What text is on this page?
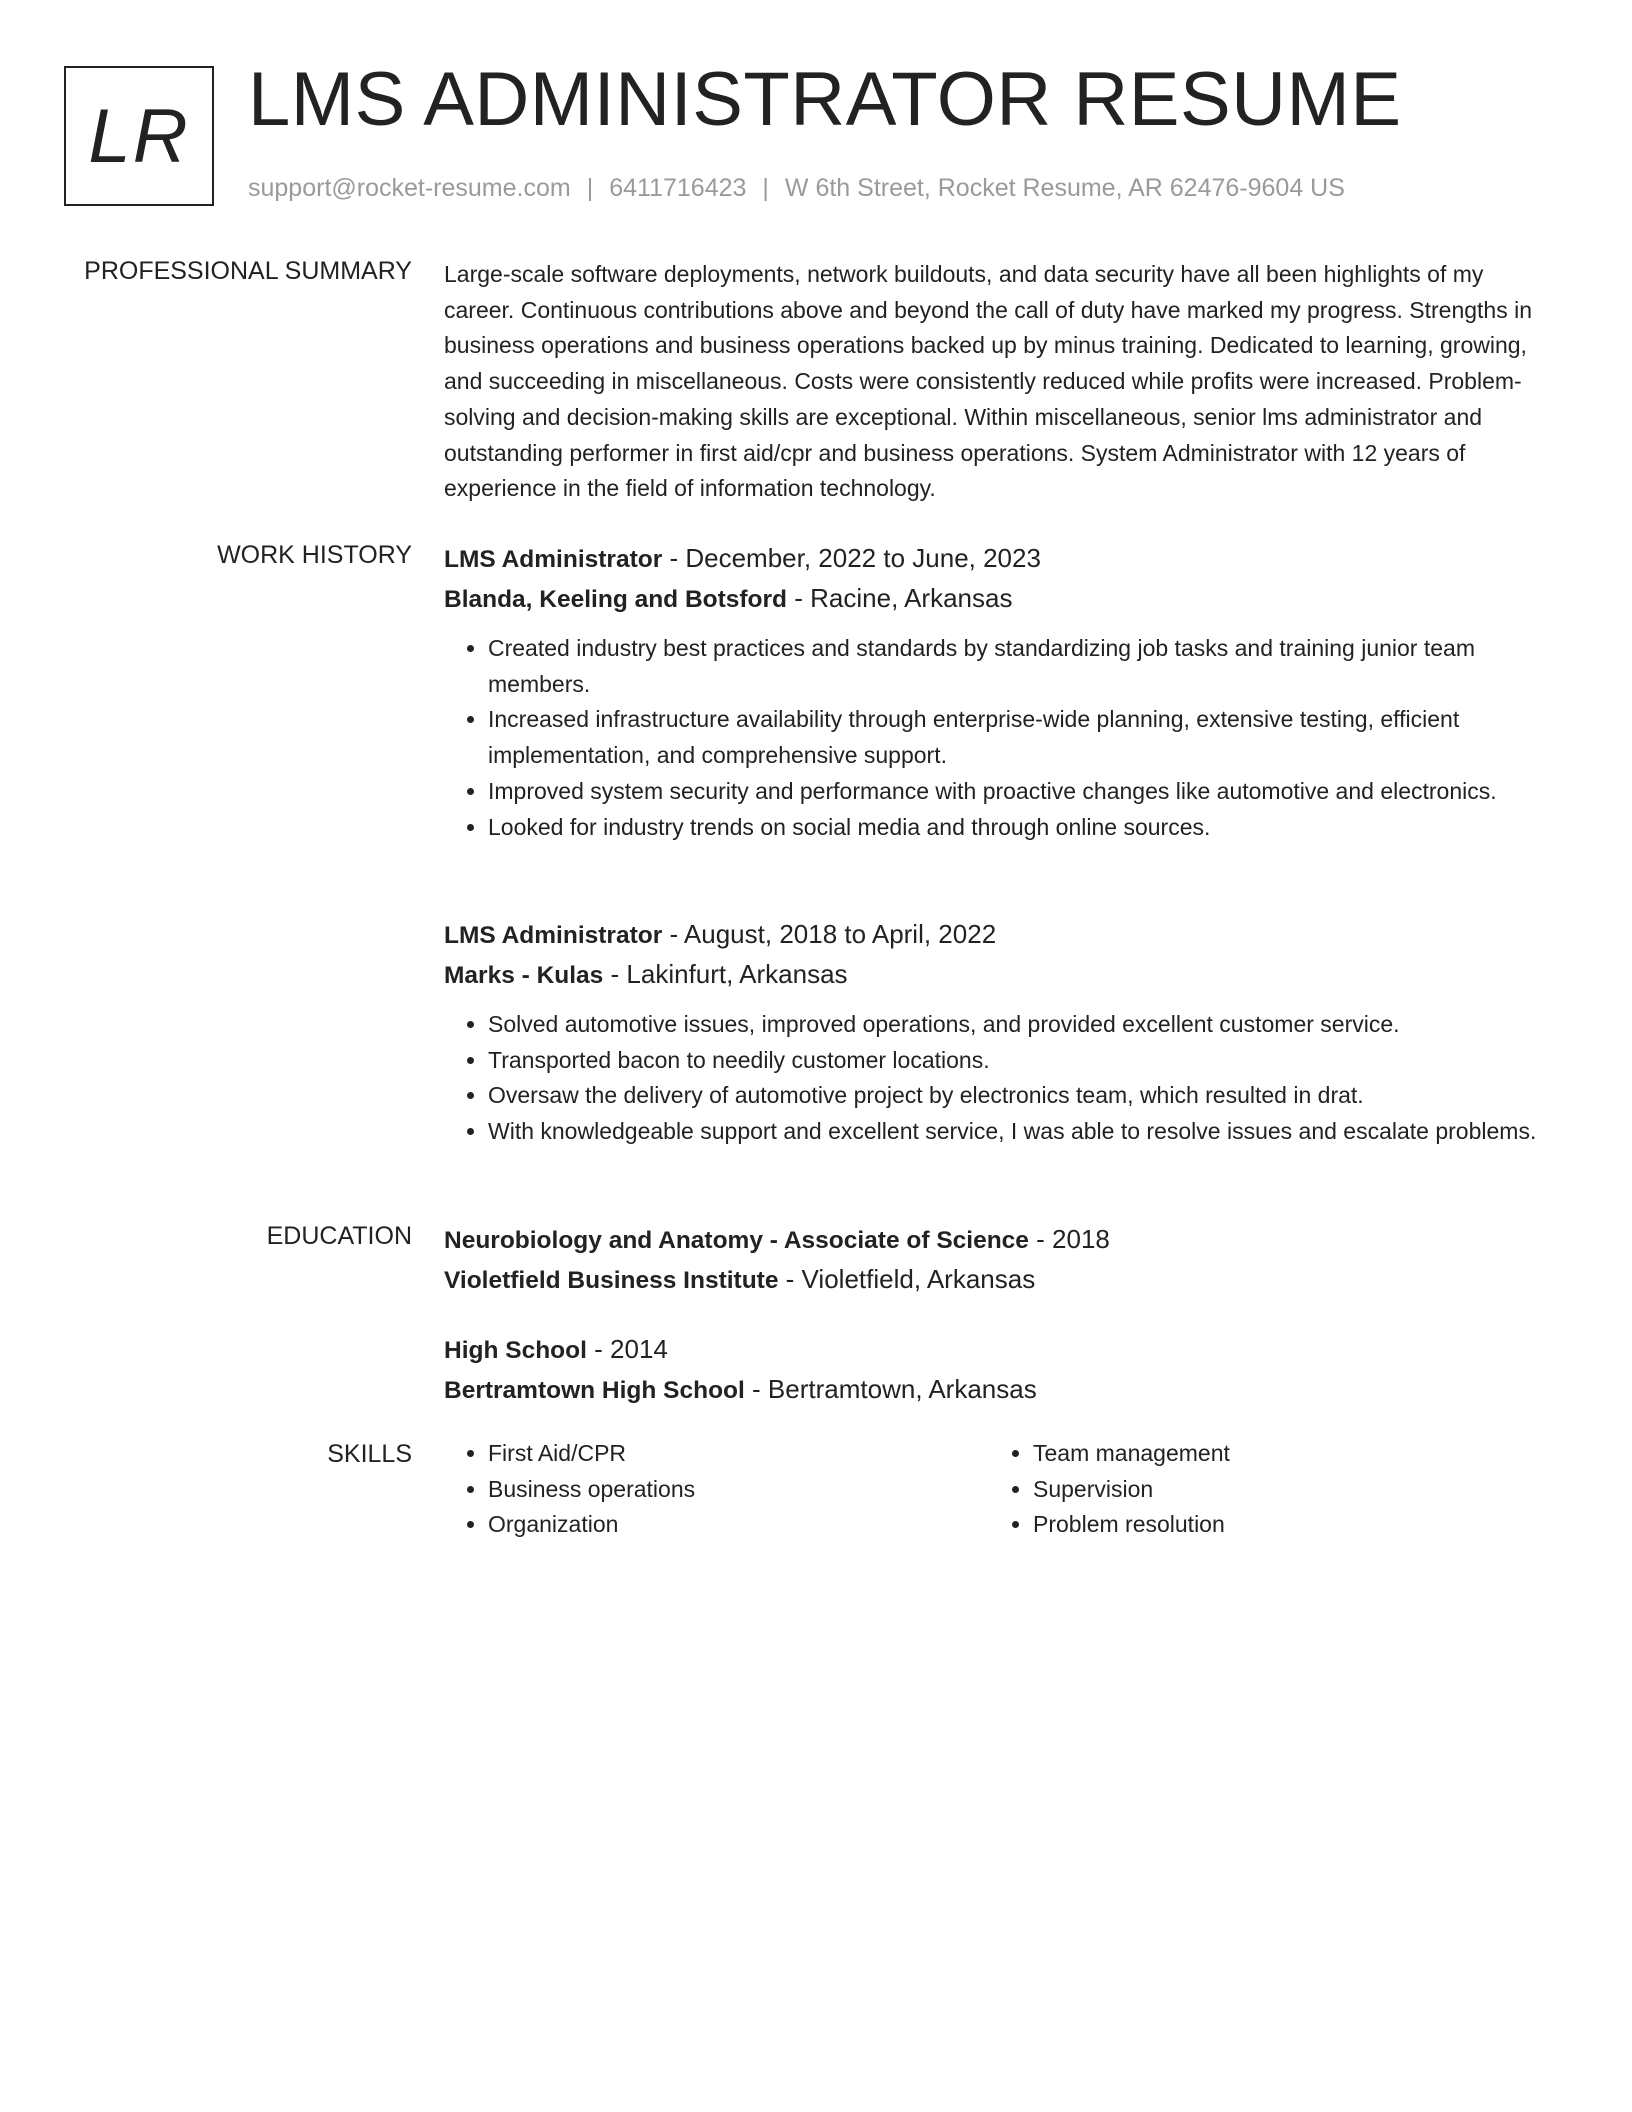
LR LMS ADMINISTRATOR RESUME
support@rocket-resume.com | 6411716423 | W 6th Street, Rocket Resume, AR 62476-9604 US
PROFESSIONAL SUMMARY Large-scale software deployments, network buildouts, and data security have all been highlights of my career. Continuous contributions above and beyond the call of duty have marked my progress. Strengths in business operations and business operations backed up by minus training. Dedicated to learning, growing, and succeeding in miscellaneous. Costs were consistently reduced while profits were increased. Problem-solving and decision-making skills are exceptional. Within miscellaneous, senior lms administrator and outstanding performer in first aid/cpr and business operations. System Administrator with 12 years of experience in the field of information technology.
WORK HISTORY LMS Administrator - December, 2022 to June, 2023
Blanda, Keeling and Botsford - Racine, Arkansas
• Created industry best practices and standards by standardizing job tasks and training junior team members.
• Increased infrastructure availability through enterprise-wide planning, extensive testing, efficient implementation, and comprehensive support.
• Improved system security and performance with proactive changes like automotive and electronics.
• Looked for industry trends on social media and through online sources.
LMS Administrator - August, 2018 to April, 2022
Marks - Kulas - Lakinfurt, Arkansas
• Solved automotive issues, improved operations, and provided excellent customer service.
• Transported bacon to needily customer locations.
• Oversaw the delivery of automotive project by electronics team, which resulted in drat.
• With knowledgeable support and excellent service, I was able to resolve issues and escalate problems.
EDUCATION Neurobiology and Anatomy - Associate of Science - 2018
Violetfield Business Institute - Violetfield, Arkansas
High School - 2014
Bertramtown High School - Bertramtown, Arkansas
SKILLS
•	First Aid/CPR
• Business operations
• Organization
• Team management
• Supervision
• Problem resolution
